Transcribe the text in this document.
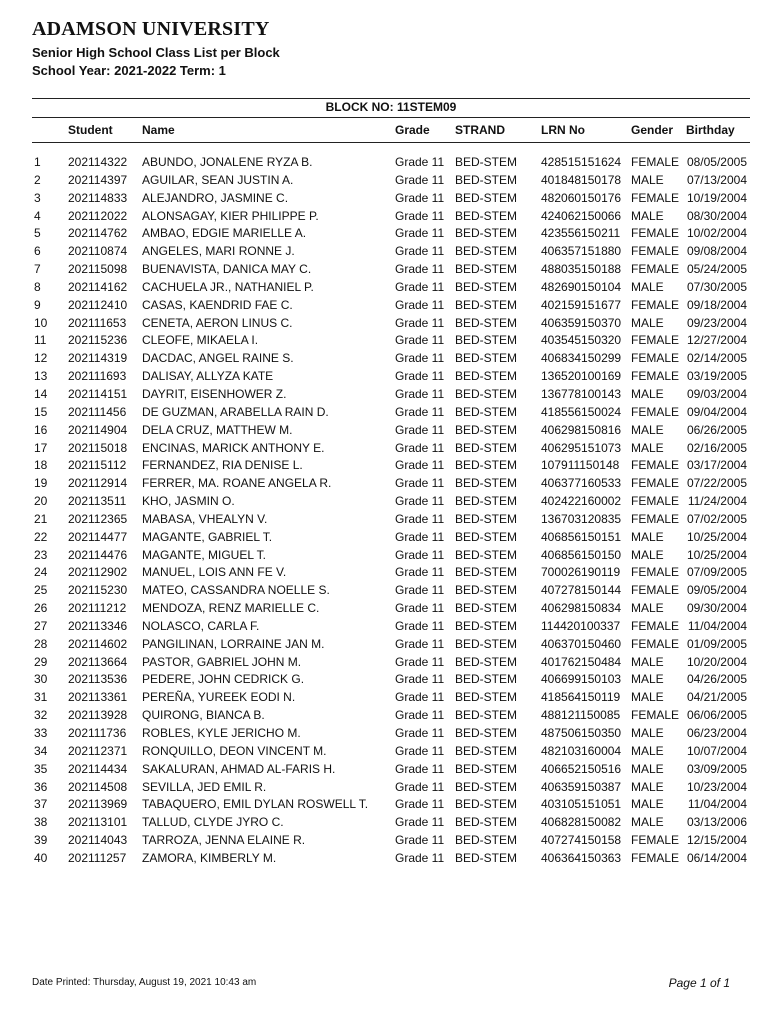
ADAMSON UNIVERSITY
Senior High School Class List per Block
School Year: 2021-2022 Term: 1
BLOCK NO: 11STEM09
Student Name	Grade STRAND	LRN No	Gender Birthday
1 202114322 ABUNDO, JONALENE RYZA B.	Grade 11 BED-STEM 428515151624 FEMALE 08/05/2005
2 202114397 AGUILAR, SEAN JUSTIN A.	Grade 11 BED-STEM 401848150178 MALE	07/13/2004
3 202114833 ALEJANDRO, JASMINE C.	Grade 11 BED-STEM 482060150176 FEMALE 10/19/2004
4 202112022 ALONSAGAY, KIER PHILIPPE P.	Grade 11 BED-STEM 424062150066 MALE	08/30/2004
5 202114762 AMBAO, EDGIE MARIELLE A.	Grade 11 BED-STEM 423556150211 FEMALE 10/02/2004
6 202110874 ANGELES, MARI RONNE J.	Grade 11 BED-STEM 406357151880 FEMALE 09/08/2004
7 202115098 BUENAVISTA, DANICA MAY C.	Grade 11 BED-STEM 488035150188 FEMALE 05/24/2005
8 202114162 CACHUELA JR., NATHANIEL P.	Grade 11 BED-STEM 482690150104 MALE	07/30/2005
9 202112410 CASAS, KAENDRID FAE C.	Grade 11 BED-STEM 402159151677 FEMALE 09/18/2004
10 202111653 CENETA, AERON LINUS C.	Grade 11 BED-STEM 406359150370 MALE	09/23/2004
11 202115236 CLEOFE, MIKAELA I.	Grade 11 BED-STEM 403545150320 FEMALE 12/27/2004
12 202114319 DACDAC, ANGEL RAINE S.	Grade 11 BED-STEM 406834150299 FEMALE 02/14/2005
13 202111693 DALISAY, ALLYZA KATE	Grade 11 BED-STEM 136520100169 FEMALE 03/19/2005
14 202114151 DAYRIT, EISENHOWER Z.	Grade 11 BED-STEM 136778100143 MALE	09/03/2004
15 202111456 DE GUZMAN, ARABELLA RAIN D.	Grade 11 BED-STEM 418556150024 FEMALE 09/04/2004
16 202114904 DELA CRUZ, MATTHEW M.	Grade 11 BED-STEM 406298150816 MALE	06/26/2005
17 202115018 ENCINAS, MARICK ANTHONY E.	Grade 11 BED-STEM 406295151073 MALE	02/16/2005
18 202115112 FERNANDEZ, RIA DENISE L.	Grade 11 BED-STEM 107911150148 FEMALE 03/17/2004
19 202112914 FERRER, MA. ROANE ANGELA R.	Grade 11 BED-STEM 406377160533 FEMALE 07/22/2005
20 202113511 KHO, JASMIN O.	Grade 11 BED-STEM 402422160002 FEMALE 11/24/2004
21 202112365 MABASA, VHEALYN V.	Grade 11 BED-STEM 136703120835 FEMALE 07/02/2005
22 202114477 MAGANTE, GABRIEL T.	Grade 11 BED-STEM 406856150151 MALE	10/25/2004
23 202114476 MAGANTE, MIGUEL T.	Grade 11 BED-STEM 406856150150 MALE	10/25/2004
24 202112902 MANUEL, LOIS ANN FE V.	Grade 11 BED-STEM 700026190119 FEMALE 07/09/2005
25 202115230 MATEO, CASSANDRA NOELLE S.	Grade 11 BED-STEM 407278150144 FEMALE 09/05/2004
26 202111212 MENDOZA, RENZ MARIELLE C.	Grade 11 BED-STEM 406298150834 MALE	09/30/2004
27 202113346 NOLASCO, CARLA F.	Grade 11 BED-STEM 114420100337 FEMALE 11/04/2004
28 202114602 PANGILINAN, LORRAINE JAN M.	Grade 11 BED-STEM 406370150460 FEMALE 01/09/2005
29 202113664 PASTOR, GABRIEL JOHN M.	Grade 11 BED-STEM 401762150484 MALE	10/20/2004
30 202113536 PEDERE, JOHN CEDRICK G.	Grade 11 BED-STEM 406699150103 MALE	04/26/2005
31 202113361 PEREÑA, YUREEK EODI N.	Grade 11 BED-STEM 418564150119 MALE	04/21/2005
32 202113928 QUIRONG, BIANCA B.	Grade 11 BED-STEM 488121150085 FEMALE 06/06/2005
33 202111736 ROBLES, KYLE JERICHO M.	Grade 11 BED-STEM 487506150350 MALE	06/23/2004
34 202112371 RONQUILLO, DEON VINCENT M.	Grade 11 BED-STEM 482103160004 MALE	10/07/2004
35 202114434 SAKALURAN, AHMAD AL-FARIS H.	Grade 11 BED-STEM 406652150516 MALE	03/09/2005
36 202114508 SEVILLA, JED EMIL R.	Grade 11 BED-STEM 406359150387 MALE	10/23/2004
37 202113969 TABAQUERO, EMIL DYLAN ROSWELL T. Grade 11 BED-STEM 403105151051 MALE	11/04/2004
38 202113101 TALLUD, CLYDE JYRO C.	Grade 11 BED-STEM 406828150082 MALE	03/13/2006
39 202114043 TARROZA, JENNA ELAINE R.	Grade 11 BED-STEM 407274150158 FEMALE 12/15/2004
40 202111257 ZAMORA, KIMBERLY M.	Grade 11 BED-STEM 406364150363 FEMALE 06/14/2004
Date Printed: Thursday, August 19, 2021 10:43 am	Page 1 of 1
